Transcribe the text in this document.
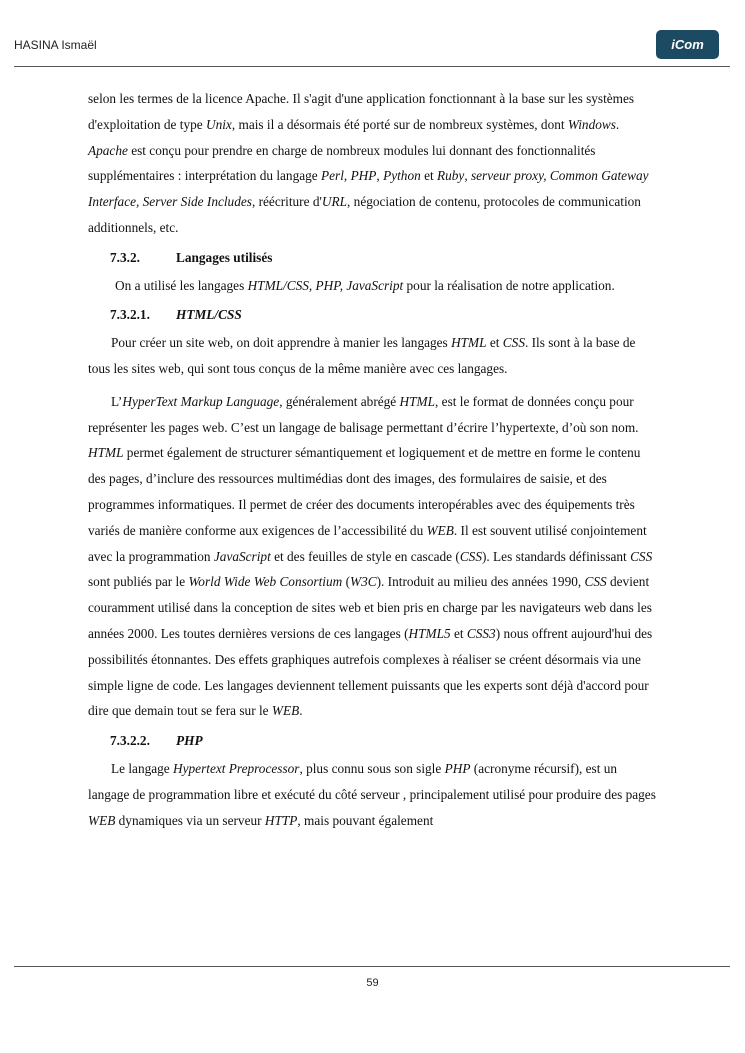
HASINA Ismaël	iCom

selon les termes de la licence Apache. Il s'agit d'une application fonctionnant à la base sur les systèmes d'exploitation de type Unix, mais il a désormais été porté sur de nombreux systèmes, dont Windows. Apache est conçu pour prendre en charge de nombreux modules lui donnant des fonctionnalités supplémentaires : interprétation du langage Perl, PHP, Python et Ruby, serveur proxy, Common Gateway Interface, Server Side Includes, réécriture d'URL, négociation de contenu, protocoles de communication additionnels, etc.

7.3.2.	Langages utilisés

On a utilisé les langages HTML/CSS, PHP, JavaScript pour la réalisation de notre application.

7.3.2.1. HTML/CSS

Pour créer un site web, on doit apprendre à manier les langages HTML et CSS. Ils sont à la base de tous les sites web, qui sont tous conçus de la même manière avec ces langages.

L’HyperText Markup Language, généralement abrégé HTML, est le format de données conçu pour représenter les pages web. C’est un langage de balisage permettant d’écrire l’hypertexte, d’où son nom. HTML permet également de structurer sémantiquement et logiquement et de mettre en forme le contenu des pages, d’inclure des ressources multimédias dont des images, des formulaires de saisie, et des programmes informatiques. Il permet de créer des documents interopérables avec des équipements très variés de manière conforme aux exigences de l’accessibilité du WEB. Il est souvent utilisé conjointement avec la programmation JavaScript et des feuilles de style en cascade (CSS). Les standards définissant CSS sont publiés par le World Wide Web Consortium (W3C). Introduit au milieu des années 1990, CSS devient couramment utilisé dans la conception de sites web et bien pris en charge par les navigateurs web dans les années 2000. Les toutes dernières versions de ces langages (HTML5 et CSS3) nous offrent aujourd'hui des possibilités étonnantes. Des effets graphiques autrefois complexes à réaliser se créent désormais via une simple ligne de code. Les langages deviennent tellement puissants que les experts sont déjà d'accord pour dire que demain tout se fera sur le WEB.

7.3.2.2. PHP

Le langage Hypertext Preprocessor, plus connu sous son sigle PHP (acronyme récursif), est un langage de programmation libre et exécuté du côté serveur , principalement utilisé pour produire des pages WEB dynamiques via un serveur HTTP, mais pouvant également

59
